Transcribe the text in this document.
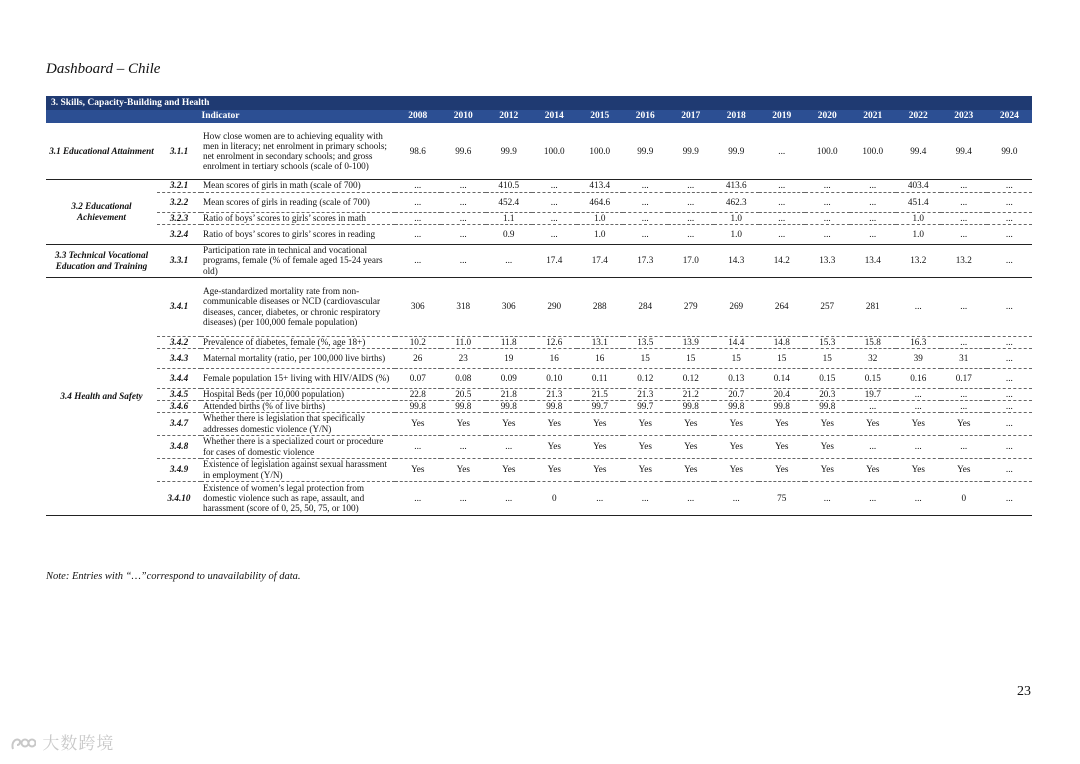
Dashboard – Chile
3. Skills, Capacity-Building and Health																
Indicator			2008	2010	2012	2014	2015	2016	2017	2018	2019	2020	2021	2022	2023	2024
3.1 Educational Attainment	3.1.1	How close women are to achieving equality with men in literacy; net enrolment in primary schools; net enrolment in secondary schools; and gross enrolment in tertiary schools (scale of 0-100)	98.6	99.6	99.9	100.0	100.0	99.9	99.9	99.9	...	100.0	100.0	99.4	99.4	99.0
3.2 Educational Achievement	3.2.1	Mean scores of girls in math (scale of 700)	...	...	410.5	...	413.4	...	...	413.6	...	...	...	403.4	...	...
	3.2.2	Mean scores of girls in reading (scale of 700)	...	...	452.4	...	464.6	...	...	462.3	...	...	...	451.4	...	...
	3.2.3	Ratio of boys’ scores to girls’ scores in math	...	...	1.1	...	1.0	...	...	1.0	...	...	...	1.0	...	...
	3.2.4	Ratio of boys’ scores to girls’ scores in reading	...	...	0.9	...	1.0	...	...	1.0	...	...	...	1.0	...	...
3.3 Technical Vocational Education and Training	3.3.1	Participation rate in technical and vocational programs, female (% of female aged 15-24 years old)	...	...	...	17.4	17.4	17.3	17.0	14.3	14.2	13.3	13.4	13.2	13.2	...
3.4 Health and Safety	3.4.1	Age-standardized mortality rate from non-communicable diseases or NCD (cardiovascular diseases, cancer, diabetes, or chronic respiratory diseases) (per 100,000 female population)	306	318	306	290	288	284	279	269	264	257	281	...	...	...
	3.4.2	Prevalence of diabetes, female (%, age 18+)	10.2	11.0	11.8	12.6	13.1	13.5	13.9	14.4	14.8	15.3	15.8	16.3	...	...
	3.4.3	Maternal mortality (ratio, per 100,000 live births)	26	23	19	16	16	15	15	15	15	15	32	39	31	...
	3.4.4	Female population 15+ living with HIV/AIDS (%)	0.07	0.08	0.09	0.10	0.11	0.12	0.12	0.13	0.14	0.15	0.15	0.16	0.17	...
	3.4.5	Hospital Beds (per 10,000 population)	22.8	20.5	21.8	21.3	21.5	21.3	21.2	20.7	20.4	20.3	19.7	...	...	...
	3.4.6	Attended births (% of live births)	99.8	99.8	99.8	99.8	99.7	99.7	99.8	99.8	99.8	99.8	...	...	...	...
	3.4.7	Whether there is legislation that specifically addresses domestic violence (Y/N)	Yes	Yes	Yes	Yes	Yes	Yes	Yes	Yes	Yes	Yes	Yes	Yes	Yes	...
	3.4.8	Whether there is a specialized court or procedure for cases of domestic violence	...	...	...	Yes	Yes	Yes	Yes	Yes	Yes	Yes	...	...	...	...
	3.4.9	Existence of legislation against sexual harassment in employment (Y/N)	Yes	Yes	Yes	Yes	Yes	Yes	Yes	Yes	Yes	Yes	Yes	Yes	Yes	...
	3.4.10	Existence of women’s legal protection from domestic violence such as rape, assault, and harassment (score of 0, 25, 50, 75, or 100)	...	...	...	0	...	...	...	...	75	...	...	...	0	...
Note: Entries with “…”correspond to unavailability of data.
23
大数跨境
